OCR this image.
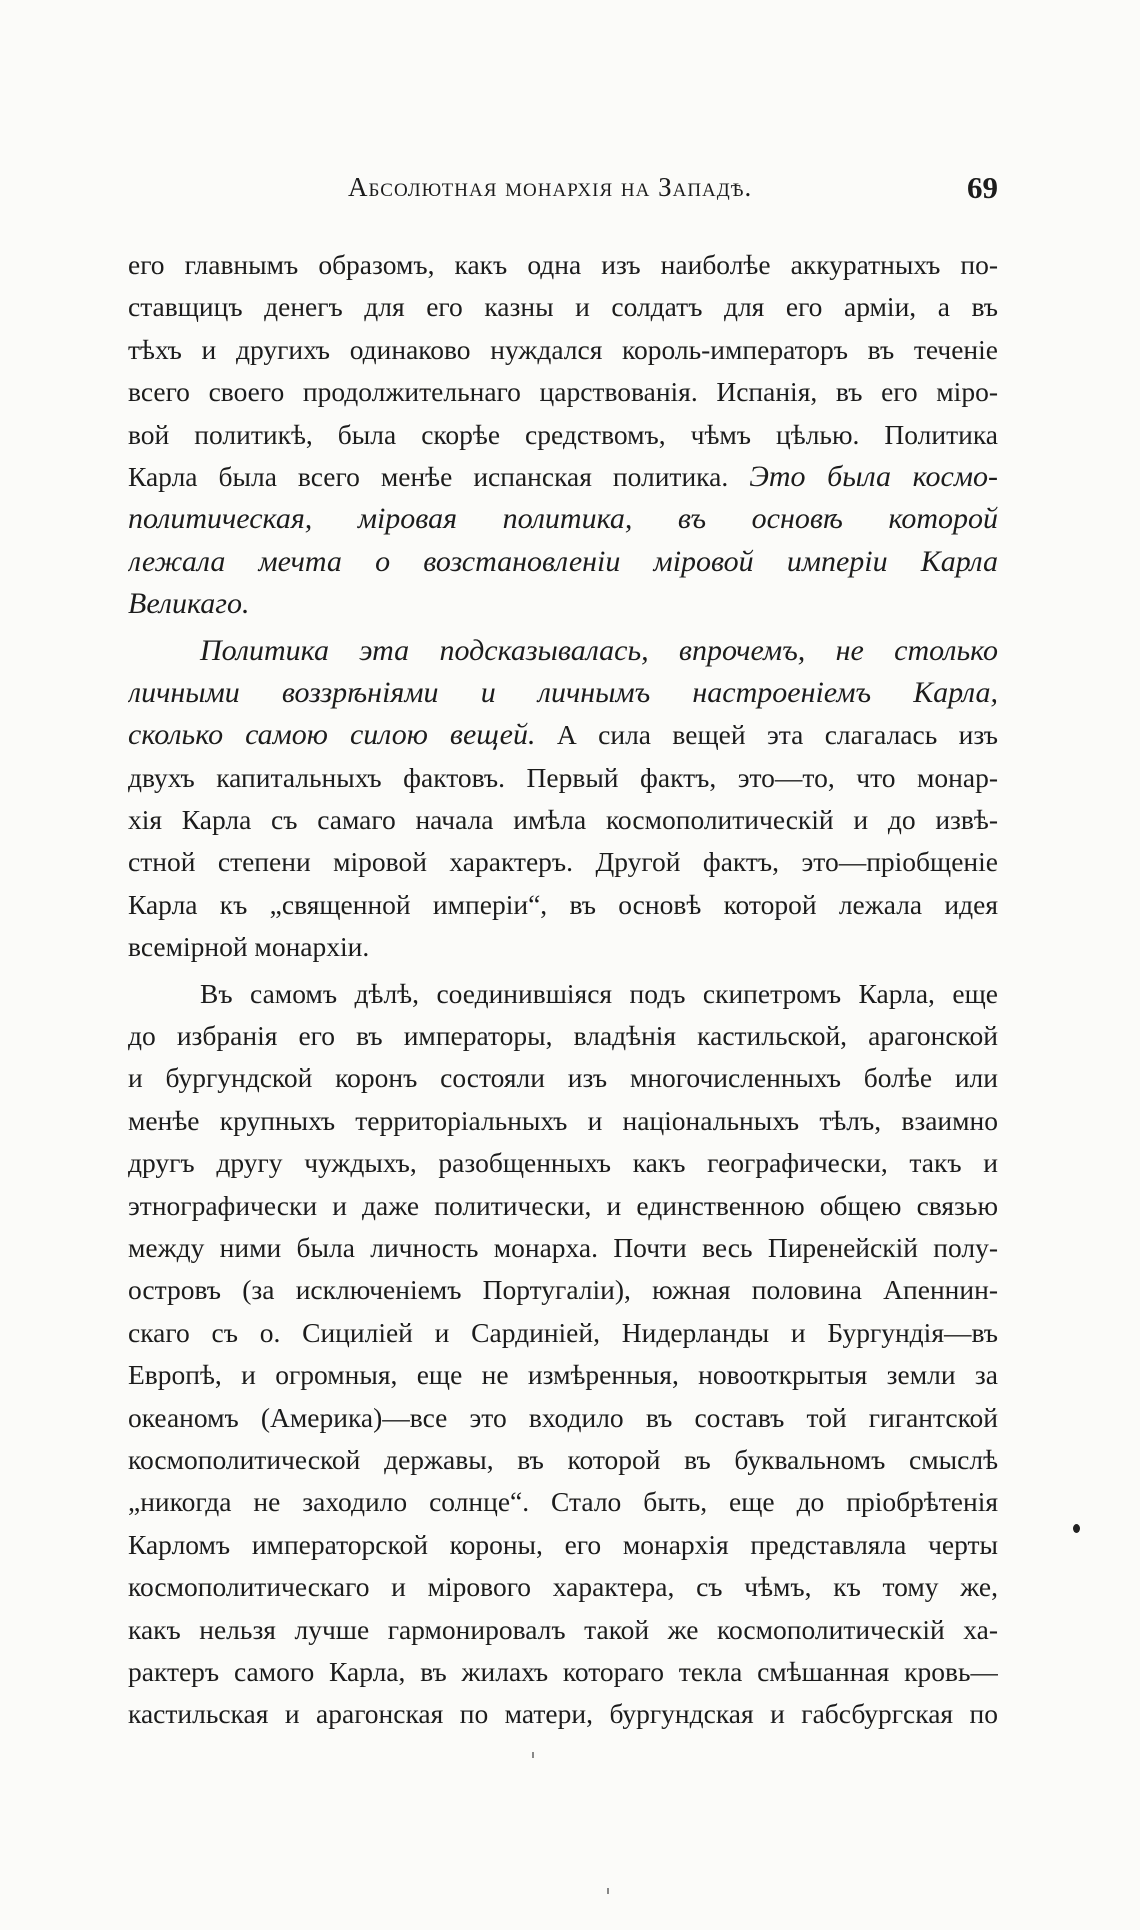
Абсолютная монархія на Западѣ.	69
его главнымъ образомъ, какъ одна изъ наиболѣе аккуратныхъ по-
ставщицъ денегъ для его казны и солдатъ для его арміи, а въ
тѣхъ и другихъ одинаково нуждался король-императоръ въ теченіе
всего своего продолжительнаго царствованія. Испанія, въ его міро-
вой политикѣ, была скорѣе средствомъ, чѣмъ цѣлью. Политика
Карла была всего менѣе испанская политика. Это была космо-
политическая, міровая политика, въ основѣ которой
лежала мечта о возстановленіи міровой имперіи Карла
Великаго.
Политика эта подсказывалась, впрочемъ, не столько
личными воззрѣніями и личнымъ настроеніемъ Карла,
сколько самою силою вещей. А сила вещей эта слагалась изъ
двухъ капитальныхъ фактовъ. Первый фактъ, это—то, что монар-
хія Карла съ самаго начала имѣла космополитическій и до извѣ-
стной степени міровой характеръ. Другой фактъ, это—пріобщеніе
Карла къ „священной имперіи“, въ основѣ которой лежала идея
всемірной монархіи.
Въ самомъ дѣлѣ, соединившіяся подъ скипетромъ Карла, еще
до избранія его въ императоры, владѣнія кастильской, арагонской
и бургундской коронъ состояли изъ многочисленныхъ болѣе или
менѣе крупныхъ территоріальныхъ и національныхъ тѣлъ, взаимно
другъ другу чуждыхъ, разобщенныхъ какъ географически, такъ и
этнографически и даже политически, и единственною общею связью
между ними была личность монарха. Почти весь Пиренейскій полу-
островъ (за исключеніемъ Португаліи), южная половина Апеннин-
скаго съ о. Сициліей и Сардиніей, Нидерланды и Бургундія—въ
Европѣ, и огромныя, еще не измѣренныя, новооткрытыя земли за
океаномъ (Америка)—все это входило въ составъ той гигантской
космополитической державы, въ которой въ буквальномъ смыслѣ
„никогда не заходило солнце“. Стало быть, еще до пріобрѣтенія
Карломъ императорской короны, его монархія представляла черты
космополитическаго и мірового характера, съ чѣмъ, къ тому же,
какъ нельзя лучше гармонировалъ такой же космополитическій ха-
рактеръ самого Карла, въ жилахъ котораго текла смѣшанная кровь—
кастильская и арагонская по матери, бургундская и габсбургская по
